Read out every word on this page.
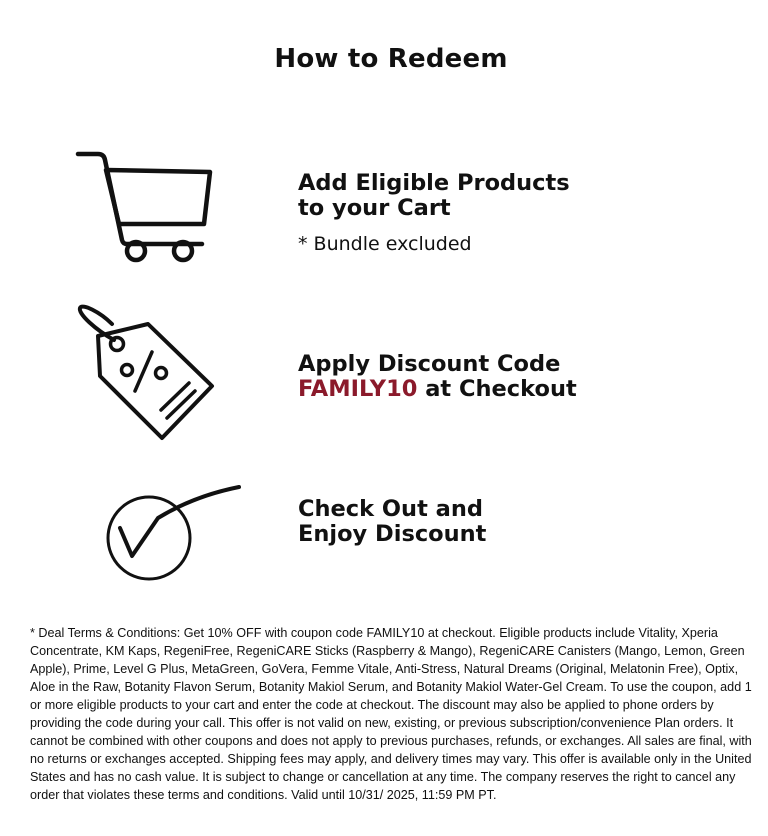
How to Redeem
Add Eligible Products
to your Cart
* Bundle excluded
Apply Discount Code
FAMILY10 at Checkout
Check Out and
Enjoy Discount

* Deal Terms & Conditions: Get 10% OFF with coupon code FAMILY10 at checkout. Eligible products include Vitality, Xperia Concentrate, KM Kaps, RegeniFree, RegeniCARE Sticks (Raspberry & Mango), RegeniCARE Canisters (Mango, Lemon, Green Apple), Prime, Level G Plus, MetaGreen, GoVera, Femme Vitale, Anti-Stress, Natural Dreams (Original, Melatonin Free), Optix, Aloe in the Raw, Botanity Flavon Serum, Botanity Makiol Serum, and Botanity Makiol Water-Gel Cream. To use the coupon, add 1 or more eligible products to your cart and enter the code at checkout. The discount may also be applied to phone orders by providing the code during your call. This offer is not valid on new, existing, or previous subscription/convenience Plan orders. It cannot be combined with other coupons and does not apply to previous purchases, refunds, or exchanges. All sales are final, with no returns or exchanges accepted. Shipping fees may apply, and delivery times may vary. This offer is available only in the United States and has no cash value. It is subject to change or cancellation at any time. The company reserves the right to cancel any order that violates these terms and conditions. Valid until 10/31/ 2025, 11:59 PM PT.
